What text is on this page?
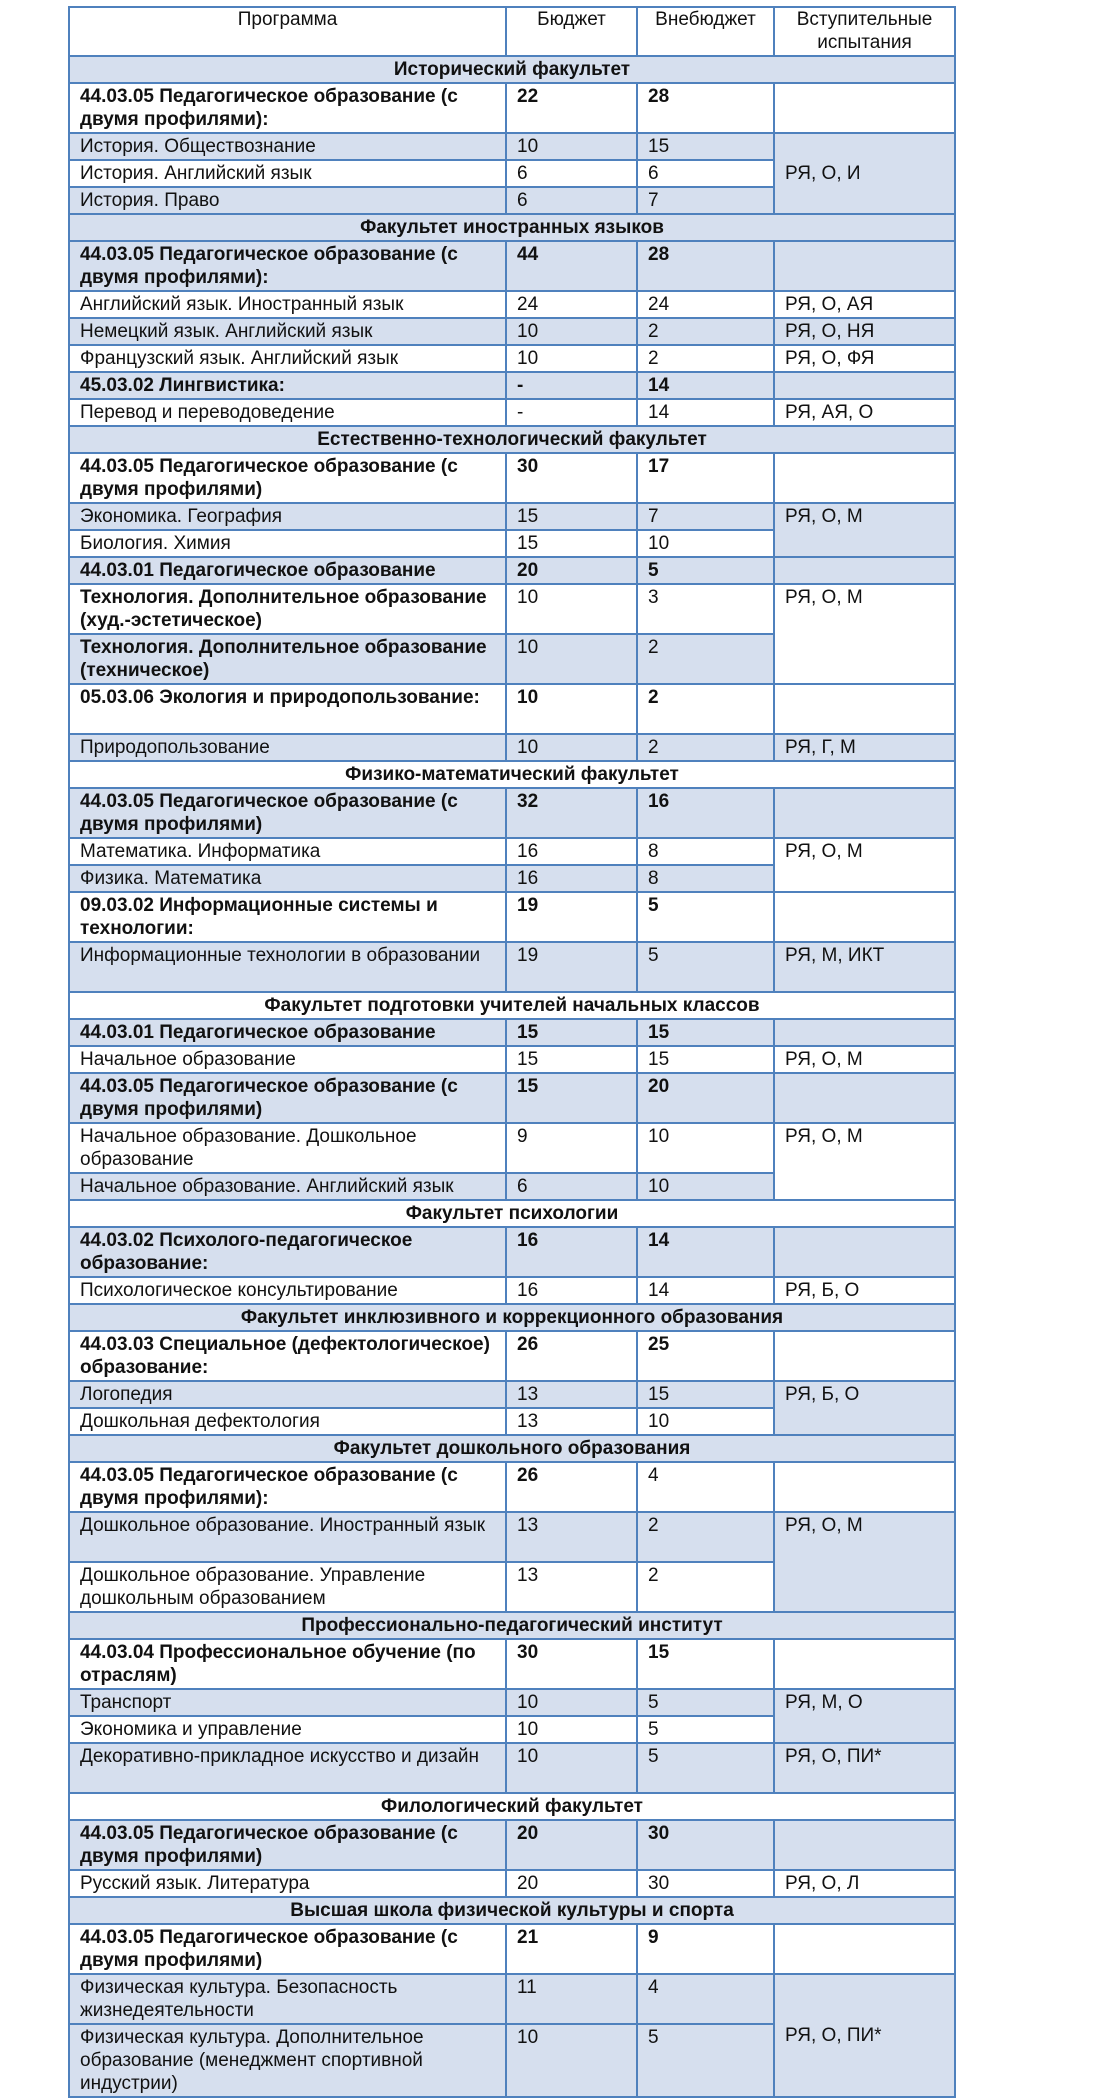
Программа	Бюджет	Внебюджет	Вступительные испытания
Исторический факультет			
44.03.05 Педагогическое образование (с двумя профилями):	22	28	
История. Обществознание	10	15	РЯ, О, И
История. Английский язык	6	6	
История. Право	6	7	
Факультет иностранных языков			
44.03.05 Педагогическое образование (с двумя профилями):	44	28	
Английский язык. Иностранный язык	24	24	РЯ, О, АЯ
Немецкий язык. Английский язык	10	2	РЯ, О, НЯ
Французский язык. Английский язык	10	2	РЯ, О, ФЯ
45.03.02 Лингвистика:	-	14	
Перевод и переводоведение	-	14	РЯ, АЯ, О
Естественно-технологический факультет			
44.03.05 Педагогическое образование (с двумя профилями)	30	17	
Экономика. География	15	7	РЯ, О, М
Биология. Химия	15	10	
44.03.01 Педагогическое образование	20	5	
Технология. Дополнительное образование (худ.-эстетическое)	10	3	РЯ, О, М
Технология. Дополнительное образование (техническое)	10	2	
05.03.06 Экология и природопользование:	10	2	
Природопользование	10	2	РЯ, Г, М
Физико-математический факультет			
44.03.05 Педагогическое образование (с двумя профилями)	32	16	
Математика. Информатика	16	8	РЯ, О, М
Физика. Математика	16	8	
09.03.02 Информационные системы и технологии:	19	5	
Информационные технологии в образовании	19	5	РЯ, М, ИКТ
Факультет подготовки учителей начальных классов			
44.03.01 Педагогическое образование	15	15	
Начальное образование	15	15	РЯ, О, М
44.03.05 Педагогическое образование (с двумя профилями)	15	20	
Начальное образование. Дошкольное образование	9	10	РЯ, О, М
Начальное образование. Английский язык	6	10	
Факультет психологии			
44.03.02 Психолого-педагогическое образование:	16	14	
Психологическое консультирование	16	14	РЯ, Б, О
Факультет инклюзивного и коррекционного образования			
44.03.03 Специальное (дефектологическое) образование:	26	25	
Логопедия	13	15	РЯ, Б, О
Дошкольная дефектология	13	10	
Факультет дошкольного образования			
44.03.05 Педагогическое образование (с двумя профилями):	26	4	
Дошкольное образование. Иностранный язык	13	2	РЯ, О, М
Дошкольное образование. Управление дошкольным образованием	13	2	
Профессионально-педагогический институт			
44.03.04 Профессиональное обучение (по отраслям)	30	15	
Транспорт	10	5	РЯ, М, О
Экономика и управление	10	5	
Декоративно-прикладное искусство и дизайн	10	5	РЯ, О, ПИ*
Филологический факультет			
44.03.05 Педагогическое образование (с двумя профилями)	20	30	
Русский язык. Литература	20	30	РЯ, О, Л
Высшая школа физической культуры и спорта			
44.03.05 Педагогическое образование (с двумя профилями)	21	9	
Физическая культура. Безопасность жизнедеятельности	11	4	РЯ, О, ПИ*
Физическая культура. Дополнительное образование (менеджмент спортивной индустрии)	10	5	
